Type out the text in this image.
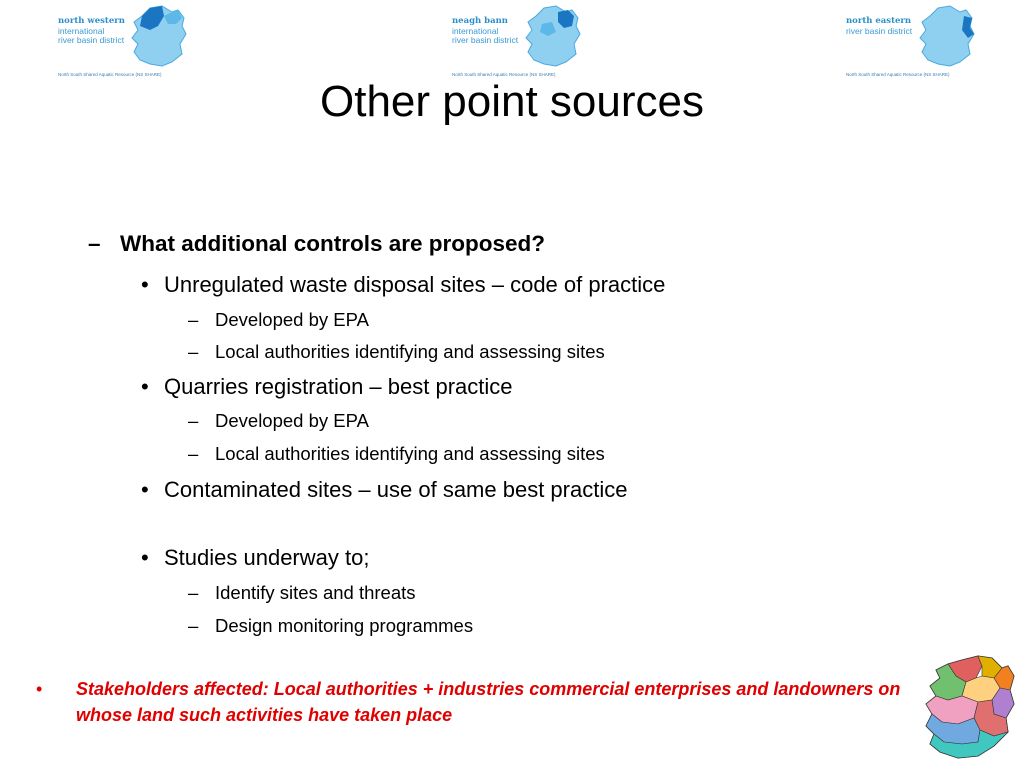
north western
international
river basin district
North South Shared Aquatic Resource (NS SHARE)
neagh bann
international
river basin district
North South Shared Aquatic Resource (NS SHARE)
north eastern
river basin district
North South Shared Aquatic Resource (NS SHARE)
Other point sources
– What additional controls are proposed?
• Unregulated waste disposal sites – code of practice
– Developed by EPA
– Local authorities identifying and assessing sites
• Quarries registration – best practice
– Developed by EPA
– Local authorities identifying and assessing sites
• Contaminated sites – use of same best practice
• Studies underway to;
– Identify sites and threats
– Design monitoring programmes
• Stakeholders affected: Local authorities + industries commercial enterprises and landowners on whose land such activities have taken place
